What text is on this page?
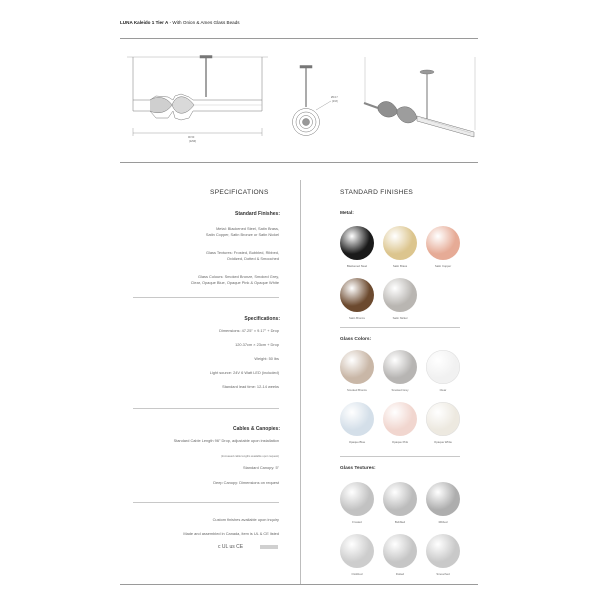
LUNA Kaleido 1 Tier A - With Onion & Ames Glass Beads
90.50
[2299]
Ø9.17
[233]
SPECIFICATIONS
Standard Finishes:
Metal: Blackened Steel, Satin Brass,
Satin Copper, Satin Bronze or Satin Nickel
Glass Textures: Frosted, Bubbled, Ribbed,
Oxidized, Dotted & Smooched
Glass Colours: Smoked Bronze, Smoked Grey,
Clear, Opaque Blue, Opaque Pink & Opaque White
Specifications:
Dimensions: 47.25" × 9.17" + Drop
120.37cm × 23cm + Drop
Weight: 50 lbs
Light source: 24V 6 Watt LED (included)
Standard lead time: 12-14 weeks
Cables & Canopies:
Standard Cable Length 96" Drop, adjustable upon installation
(Increased cable lengths available upon request)
Standard Canopy: 5"
Deep Canopy: Dimensions on request
Custom finishes available upon inquiry
Made and assembled in Canada, item is UL & CE listed
c UL us CE
STANDARD FINISHES
Metal:
Blackened Steel	Satin Brass	Satin Copper
Satin Bronze	Satin Nickel
Glass Colors:
Smoked Bronze	Smoked Grey	Clear
Opaque Blue	Opaque Pink	Opaque White
Glass Textures:
Frosted	Bubbled	Ribbed
Oxidized	Dotted	Smooched
